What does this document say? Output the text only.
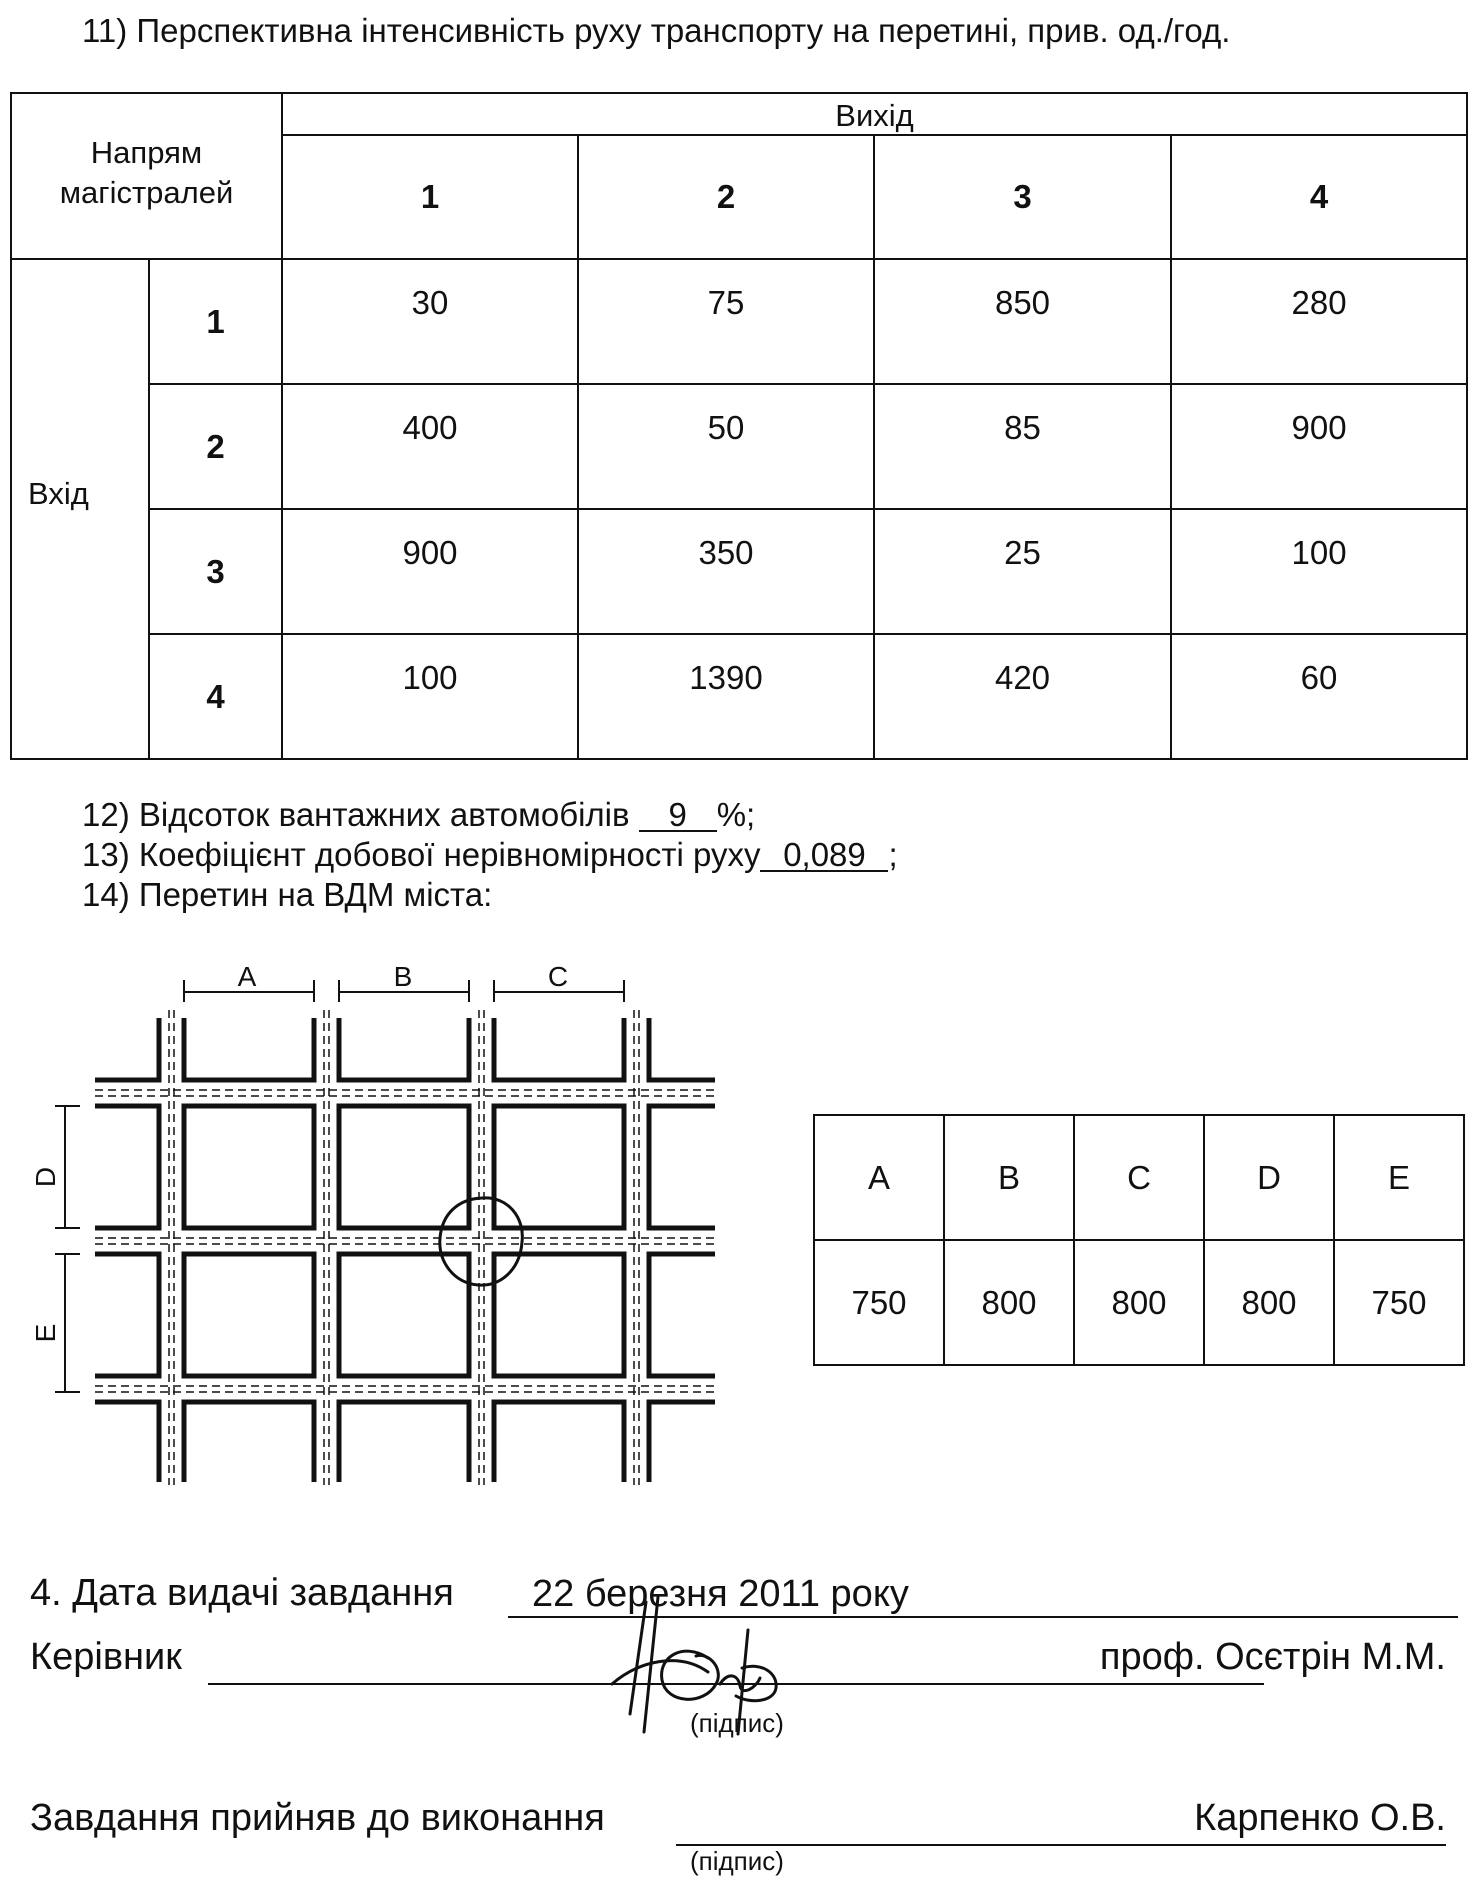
11) Перспективна інтенсивність руху транспорту на перетині, прив. од./год.
Напрям магістралей		Вихід			
		1	2	3	4
Вхід	1	30	75	850	280
	2	400	50	85	900
	3	900	350	25	100
	4	100	1390	420	60
12) Відсоток вантажних автомобілів 9 %;
13) Коефіцієнт добової нерівномірності руху 0,089 ;
14) Перетин на ВДМ міста:
A	B	C
D
E
A	B	C	D	E
750	800	800	800	750
4. Дата видачі завдання	22 березня 2011 року
Керівник	проф. Осєтрін М.М.
(підпис)
Завдання прийняв до виконання	Карпенко О.В.
(підпис)
